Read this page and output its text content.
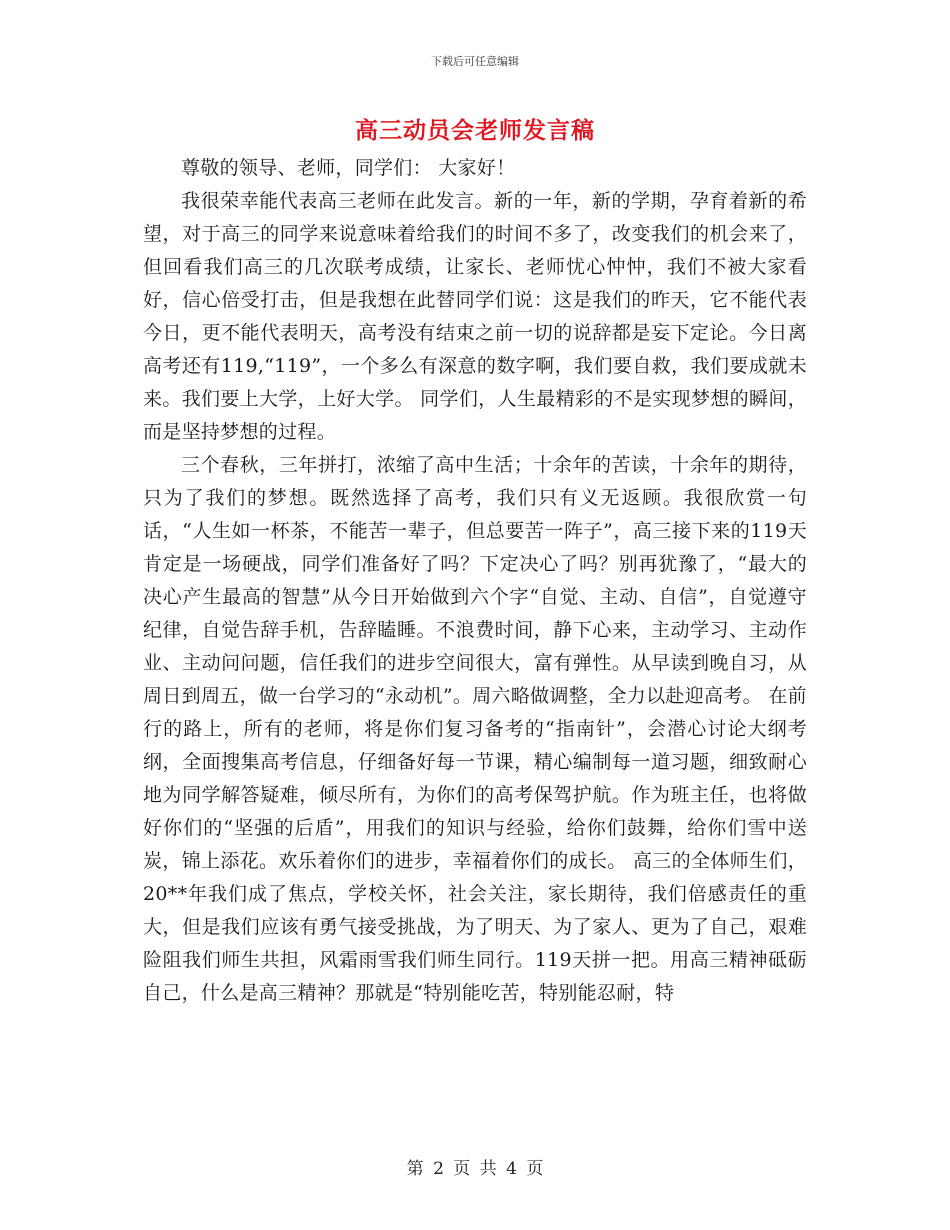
下载后可任意编辑
高三动员会老师发言稿

尊敬的领导、老师，同学们： 大家好！

我很荣幸能代表高三老师在此发言。新的一年，新的学期，孕育着新的希望，对于高三的同学来说意味着给我们的时间不多了，改变我们的机会来了，但回看我们高三的几次联考成绩，让家长、老师忧心忡忡，我们不被大家看好，信心倍受打击，但是我想在此替同学们说：这是我们的昨天，它不能代表今日，更不能代表明天，高考没有结束之前一切的说辞都是妄下定论。今日离高考还有119,“119”，一个多么有深意的数字啊，我们要自救，我们要成就未来。我们要上大学，上好大学。 同学们，人生最精彩的不是实现梦想的瞬间，而是坚持梦想的过程。

三个春秋，三年拼打，浓缩了高中生活；十余年的苦读，十余年的期待，只为了我们的梦想。既然选择了高考，我们只有义无返顾。我很欣赏一句话，“人生如一杯茶，不能苦一辈子，但总要苦一阵子”，高三接下来的119天肯定是一场硬战，同学们准备好了吗？下定决心了吗？别再犹豫了，“最大的决心产生最高的智慧”从今日开始做到六个字“自觉、主动、自信”，自觉遵守纪律，自觉告辞手机，告辞瞌睡。不浪费时间，静下心来，主动学习、主动作业、主动问问题，信任我们的进步空间很大，富有弹性。从早读到晚自习，从周日到周五，做一台学习的“永动机”。周六略做调整，全力以赴迎高考。 在前行的路上，所有的老师，将是你们复习备考的“指南针”，会潜心讨论大纲考纲，全面搜集高考信息，仔细备好每一节课，精心编制每一道习题，细致耐心地为同学解答疑难，倾尽所有，为你们的高考保驾护航。作为班主任，也将做好你们的“坚强的后盾”，用我们的知识与经验，给你们鼓舞，给你们雪中送炭，锦上添花。欢乐着你们的进步，幸福着你们的成长。 高三的全体师生们，20**年我们成了焦点，学校关怀，社会关注，家长期待，我们倍感责任的重大，但是我们应该有勇气接受挑战，为了明天、为了家人、更为了自己，艰难险阻我们师生共担，风霜雨雪我们师生同行。119天拼一把。用高三精神砥砺自己，什么是高三精神？那就是“特别能吃苦，特别能忍耐，特

第 2 页 共 4 页
